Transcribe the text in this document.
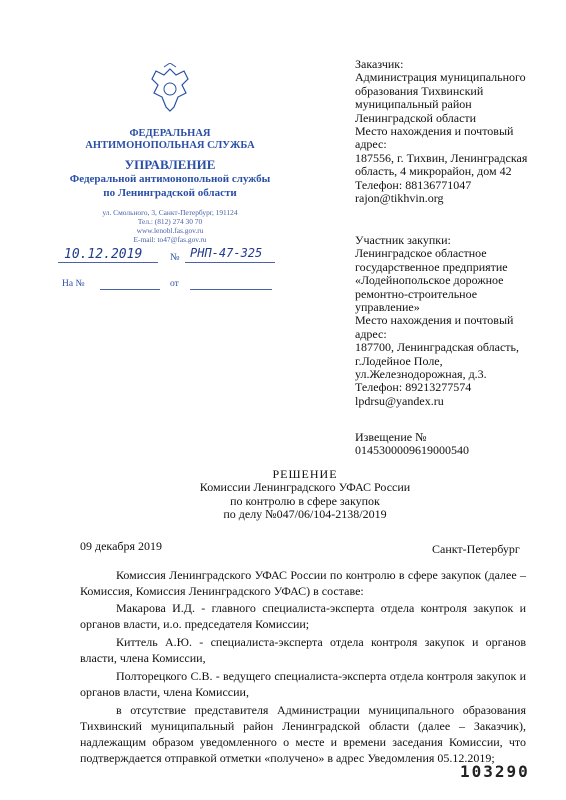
ФЕДЕРАЛЬНАЯ
АНТИМОНОПОЛЬНАЯ СЛУЖБА
УПРАВЛЕНИЕ
Федеральной антимонопольной службы
по Ленинградской области
ул. Смольного, 3, Санкт-Петербург, 191124
Тел.: (812) 274 30 70
www.lenobl.fas.gov.ru
E-mail: to47@fas.gov.ru
10.12.2019	№ РНП-47-325
На №	от

Заказчик:

Администрация муниципального

образования Тихвинский

муниципальный район

Ленинградской области

Место нахождения и почтовый

адрес:

187556, г. Тихвин, Ленинградская

область, 4 микрорайон, дом 42

Телефон: 88136771047

rajon@tikhvin.org

Участник закупки:

Ленинградское областное

государственное предприятие

«Лодейнопольское дорожное

ремонтно-строительное

управление»

Место нахождения и почтовый

адрес:

187700, Ленинградская область,

г.Лодейное Поле,

ул.Железнодорожная, д.3.

Телефон: 89213277574

lpdrsu@yandex.ru

Извещение №

0145300009619000540

РЕШЕНИЕ
Комиссии Ленинградского УФАС России
по контролю в сфере закупок
по делу №047/06/104-2138/2019
09 декабря 2019	Санкт-Петербург

Комиссия Ленинградского УФАС России по контролю в сфере закупок (далее – Комиссия, Комиссия Ленинградского УФАС) в составе:

Макарова И.Д. - главного специалиста-эксперта отдела контроля закупок и органов власти, и.о. председателя Комиссии;

Киттель А.Ю. - специалиста-эксперта отдела контроля закупок и органов власти, члена Комиссии,

Полторецкого С.В. - ведущего специалиста-эксперта отдела контроля закупок и органов власти, члена Комиссии,

в отсутствие представителя Администрации муниципального образования Тихвинский муниципальный район Ленинградской области (далее – Заказчик), надлежащим образом уведомленного о месте и времени заседания Комиссии, что подтверждается отправкой отметки «получено» в адрес Уведомления 05.12.2019;

103290
